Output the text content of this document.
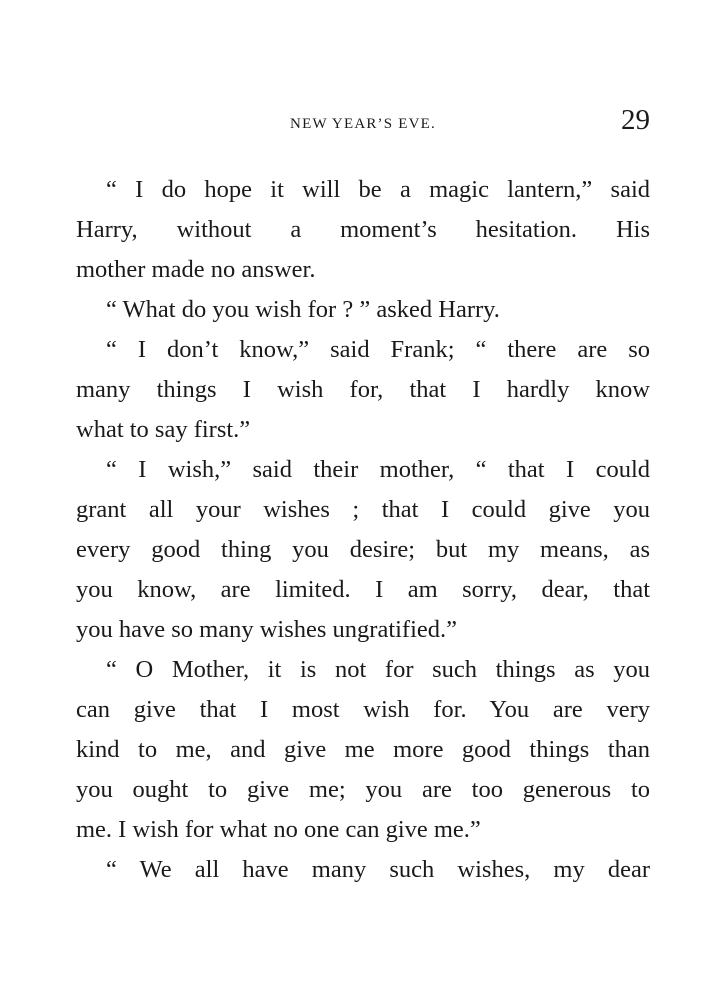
NEW YEAR’S EVE.	29
“ I do hope it will be a magic lantern,” said
Harry, without a moment’s hesitation. His
mother made no answer.
“ What do you wish for ? ” asked Harry.
“ I don’t know,” said Frank; “ there are so
many things I wish for, that I hardly know
what to say first.”
“ I wish,” said their mother, “ that I could
grant all your wishes ; that I could give you
every good thing you desire; but my means, as
you know, are limited. I am sorry, dear, that
you have so many wishes ungratified.”
“ O Mother, it is not for such things as you
can give that I most wish for. You are very
kind to me, and give me more good things than
you ought to give me; you are too generous to
me. I wish for what no one can give me.”
“ We all have many such wishes, my dear
